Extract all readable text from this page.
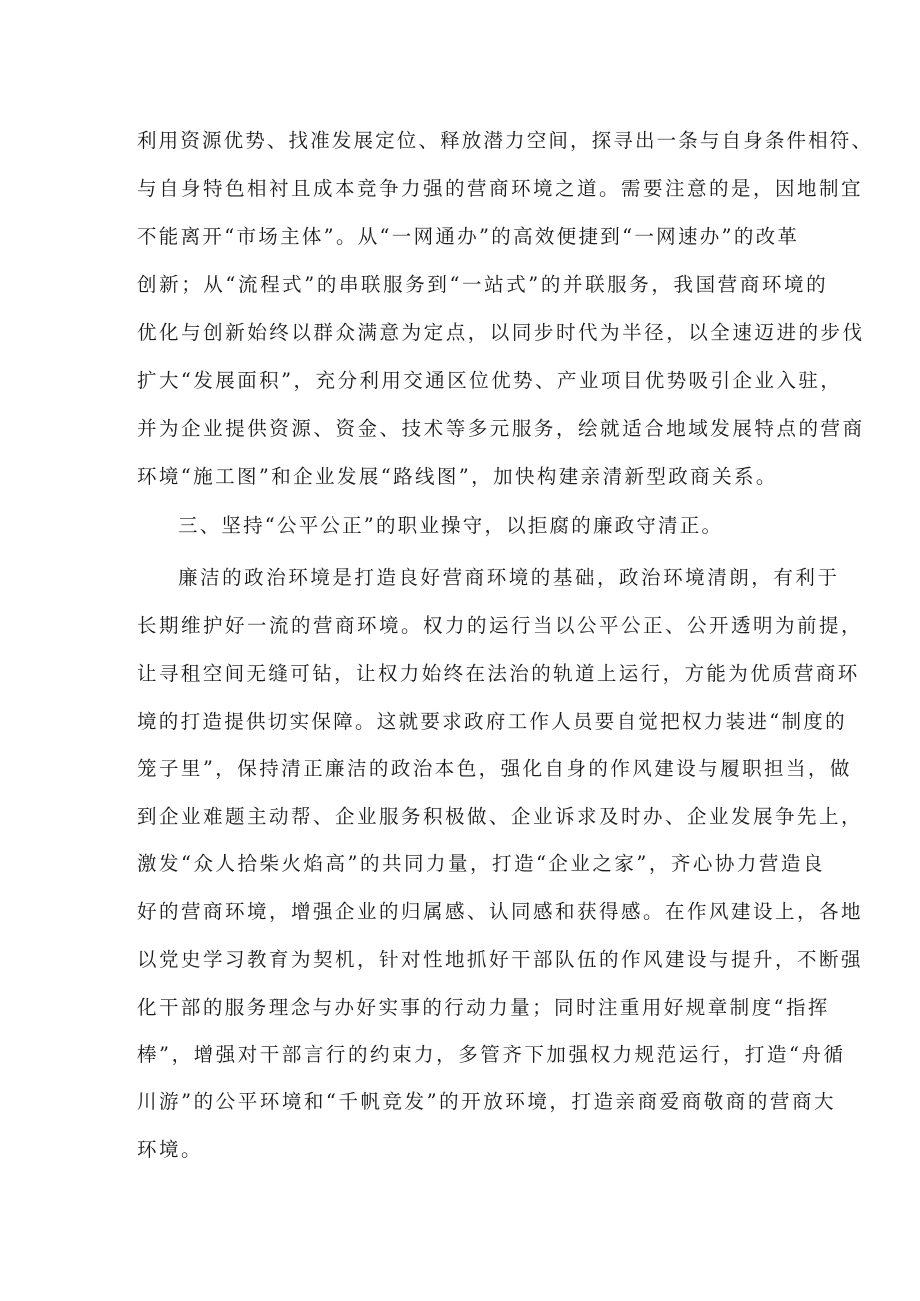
利用资源优势、找准发展定位、释放潜力空间，探寻出一条与自身条件相符、
与自身特色相衬且成本竞争力强的营商环境之道。需要注意的是，因地制宜
不能离开“市场主体”。从“一网通办”的高效便捷到“一网速办”的改革
创新；从“流程式”的串联服务到“一站式”的并联服务，我国营商环境的
优化与创新始终以群众满意为定点，以同步时代为半径，以全速迈进的步伐
扩大“发展面积”，充分利用交通区位优势、产业项目优势吸引企业入驻，
并为企业提供资源、资金、技术等多元服务，绘就适合地域发展特点的营商
环境“施工图”和企业发展“路线图”，加快构建亲清新型政商关系。
三、坚持“公平公正”的职业操守，以拒腐的廉政守清正。
廉洁的政治环境是打造良好营商环境的基础，政治环境清朗，有利于
长期维护好一流的营商环境。权力的运行当以公平公正、公开透明为前提，
让寻租空间无缝可钻，让权力始终在法治的轨道上运行，方能为优质营商环
境的打造提供切实保障。这就要求政府工作人员要自觉把权力装进“制度的
笼子里”，保持清正廉洁的政治本色，强化自身的作风建设与履职担当，做
到企业难题主动帮、企业服务积极做、企业诉求及时办、企业发展争先上，
激发“众人拾柴火焰高”的共同力量，打造“企业之家”，齐心协力营造良
好的营商环境，增强企业的归属感、认同感和获得感。在作风建设上，各地
以党史学习教育为契机，针对性地抓好干部队伍的作风建设与提升，不断强
化干部的服务理念与办好实事的行动力量；同时注重用好规章制度“指挥
棒”，增强对干部言行的约束力，多管齐下加强权力规范运行，打造“舟循
川游”的公平环境和“千帆竞发”的开放环境，打造亲商爱商敬商的营商大
环境。
